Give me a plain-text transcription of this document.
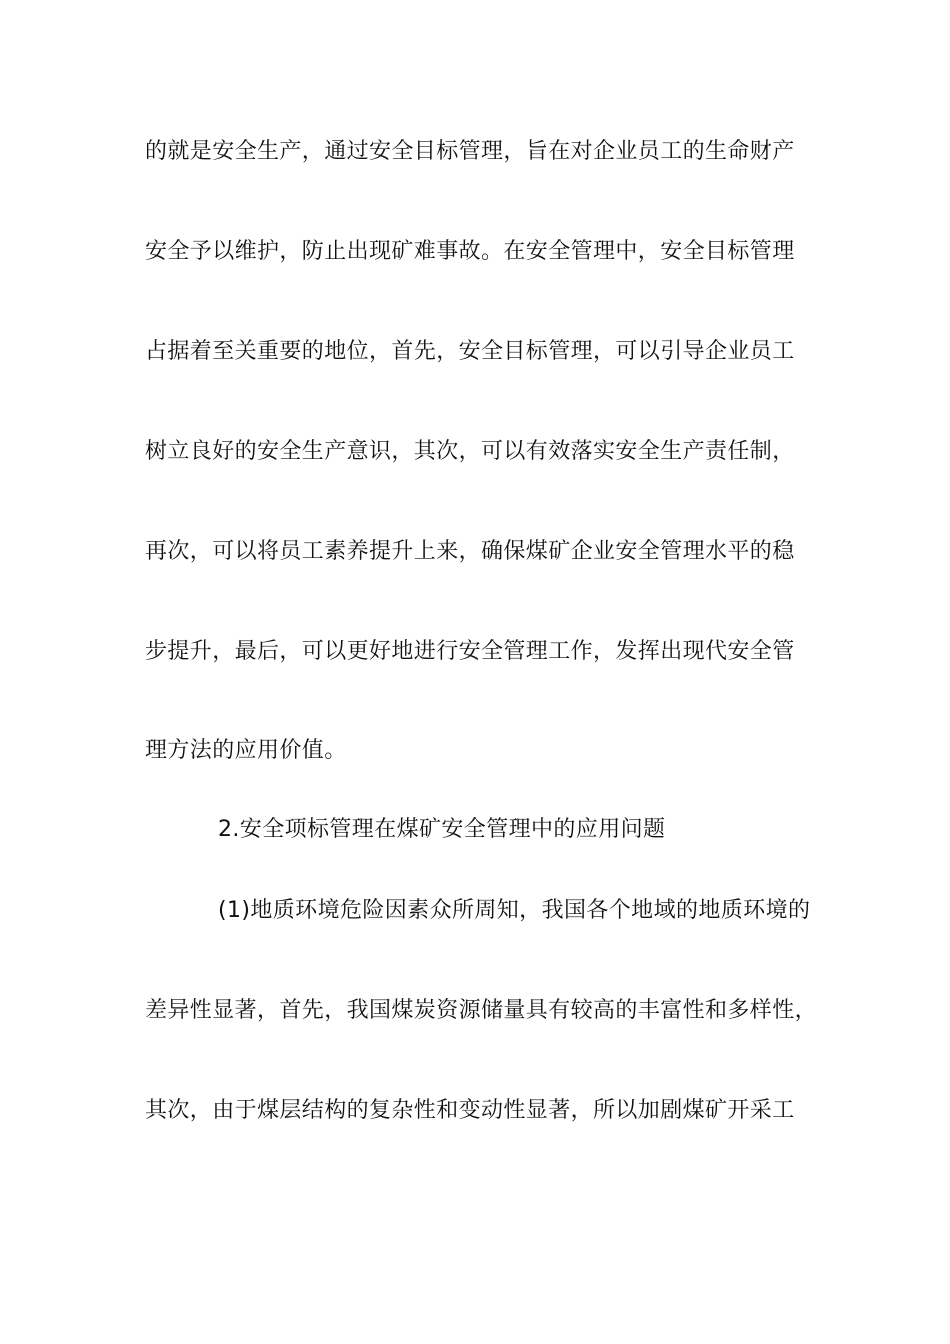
的就是安全生产，通过安全目标管理，旨在对企业员工的生命财产
安全予以维护，防止出现矿难事故。在安全管理中，安全目标管理
占据着至关重要的地位，首先，安全目标管理，可以引导企业员工
树立良好的安全生产意识，其次，可以有效落实安全生产责任制，
再次，可以将员工素养提升上来，确保煤矿企业安全管理水平的稳
步提升，最后，可以更好地进行安全管理工作，发挥出现代安全管
理方法的应用价值。
2.安全项标管理在煤矿安全管理中的应用问题
(1)地质环境危险因素众所周知，我国各个地域的地质环境的
差异性显著，首先，我国煤炭资源储量具有较高的丰富性和多样性，
其次，由于煤层结构的复杂性和变动性显著，所以加剧煤矿开采工
